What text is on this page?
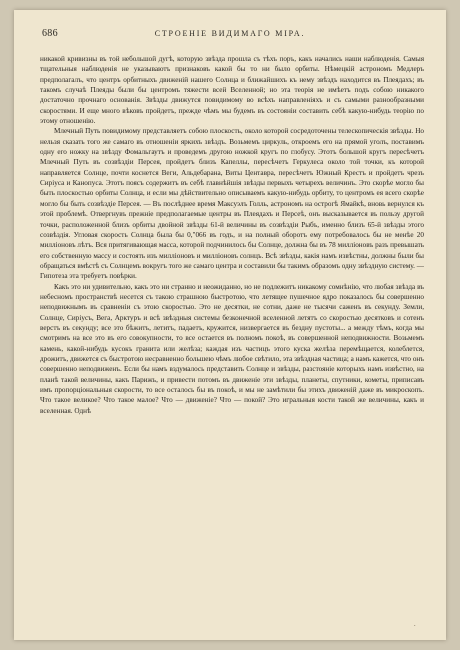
686	СТРОЕНІЕ ВИДИМАГО МІРА.

никакой кривизны въ той небольшой дугѣ, которую звѣзда прошла съ тѣхъ поръ, какъ начались наши наблюденія. Самыя тщательныя наблюденія не указываютъ признаковъ какой бы то ни было орбиты. Нѣмецкій астрономъ Медлеръ предполагалъ, что центръ орбитныхъ движеній нашего Солнца и ближайшихъ къ нему звѣздъ находится въ Плеядахъ; въ такомъ случаѣ Плеяды были бы центромъ тяжести всей Вселенной; но эта теорія не имѣетъ подъ собою никакого достаточно прочнаго основанія. Звѣзды движутся повидимому во всѣхъ направленіяхъ и съ самыми разнообразными скоростями. И еще много вѣковъ пройдетъ, прежде чѣмъ мы будемъ въ состояніи составить себѣ какую-нибудь теорію по этому отношенію.

Млечный Путь повидимому представляетъ собою плоскость, около которой сосредоточены телескопическія звѣзды. Но нельзя сказать того же самаго въ отношеніи яркихъ звѣздъ. Возьмемъ циркуль, откроемъ его на прямой уголъ, поставимъ одну его ножку на звѣзду Фомальгаутъ и проведемъ другою ножкой кругъ по глобусу. Этотъ большой кругъ пересѣчетъ Млечный Путь въ созвѣздіи Персея, пройдетъ близъ Капеллы, пересѣчетъ Геркулеса около той точки, къ которой направляется Солнце, почти коснется Веги, Альдебарана, Виты Центавра, пересѣчетъ Южный Крестъ и пройдетъ чрезъ Сиріуса и Канопуса. Этотъ поясъ содержитъ въ себѣ главнѣйшія звѣзды первыхъ четырехъ величинъ. Это скорѣе могло бы быть плоскостью орбиты Солнца, и если мы дѣйствительно описываемъ какую-нибудь орбиту, то центромъ ея всего скорѣе могло бы быть созвѣздіе Персея. — Въ послѣднее время Максуэлъ Голль, астрономъ на острогѣ Ямайкѣ, вновь вернулся къ этой проблемѣ. Отвергнувъ прежніе предполагаемые центры въ Плеядахъ и Персеѣ, онъ высказывается въ пользу другой точки, расположенной близъ орбиты двойной звѣзды 61-й величины въ созвѣздіи Рыбъ, именно близъ 65-й звѣзды этого созвѣздія. Угловая скорость Солнца была бы 0,"066 въ годъ, и на полный оборотъ ему потребовалось бы не менѣе 20 милліоновъ лѣтъ. Вся притягивающая масса, которой подчинилось бы Солнце, должна бы въ 78 милліоновъ разъ превышать его собственную массу и состоять изъ милліоновъ и милліоновъ солнцъ. Всѣ звѣзды, какія намъ извѣстны, должны были бы обращаться вмѣстѣ съ Солнцемъ вокругъ того же самаго центра и составили бы такимъ образомъ одну звѣздную систему. — Гипотеза эта требуетъ повѣрки.

Какъ это ни удивительно, какъ это ни странно и неожиданно, но не подлежитъ никакому сомнѣнію, что любая звѣзда въ небесномъ пространствѣ несется съ такою страшною быстротою, что летящее пушечное ядро показалось бы совершенно неподвижнымъ въ сравненіи съ этою скоростью. Это не десятки, не сотни, даже не тысячи саженъ въ секунду. Земли, Солнце, Сиріусъ, Вега, Арктуръ и всѣ звѣздныя системы безконечной вселенной летятъ со скоростью десятковъ и сотенъ верстъ въ секунду; все это бѣжитъ, летитъ, падаетъ, кружится, низвергается въ бездну пустоты... а между тѣмъ, когда мы смотримъ на все это въ его совокупности, то все остается въ полномъ покоѣ, въ совершенной неподвижности. Возьмемъ камень, какой-нибудь кусокъ гранита или желѣза; каждая изъ частицъ этого куска желѣза перемѣщается, колеблется, дрожитъ, движется съ быстротою несравненно большею чѣмъ любое свѣтило, эта звѣздная частица; а намъ кажется, что онъ совершенно неподвиженъ. Если бы намъ вздумалось представить Солнце и звѣзды, разстояніе которыхъ намъ извѣстно, на планѣ такой величины, какъ Парижъ, и привести потомъ въ движеніе эти звѣзды, планеты, спутники, кометы, приписавъ имъ пропорціональныя скорости, то все осталось бы въ покоѣ, и мы не замѣтили бы этихъ движеній даже въ микроскопъ. Что такое великое? Что такое малое? Что — движеніе? Что — покой? Это игральныя кости такой же величины, какъ и вселенная. Однѣ

·
